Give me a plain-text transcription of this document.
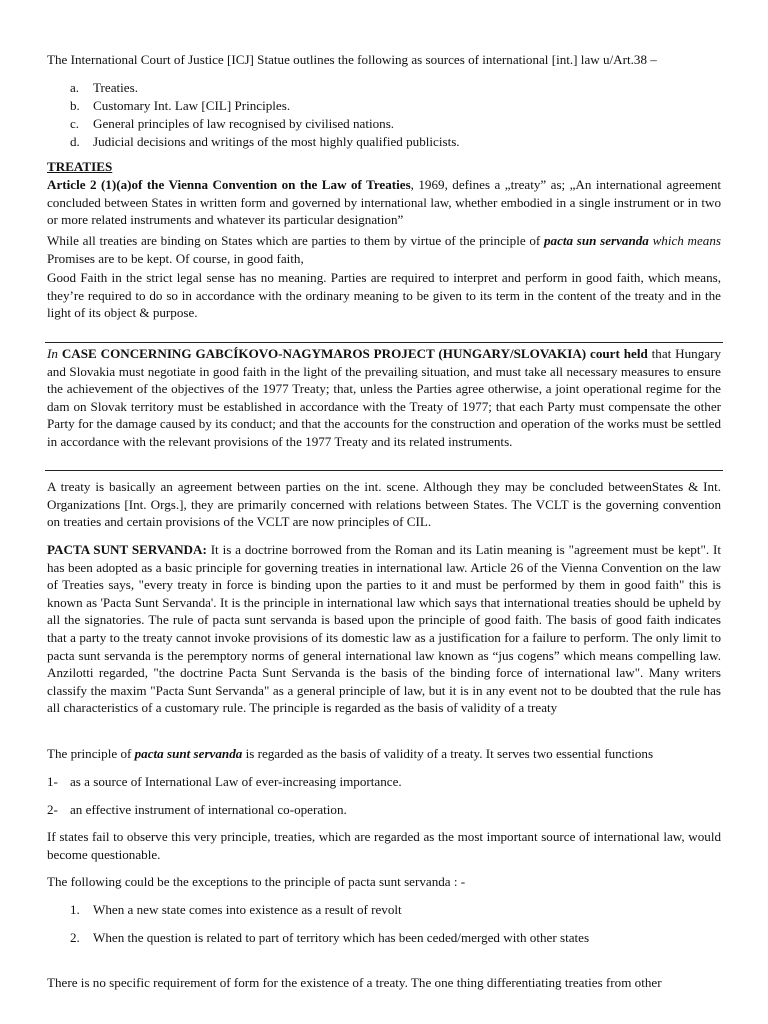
The International Court of Justice [ICJ] Statue outlines the following as sources of international [int.] law u/Art.38 –

a. Treaties.
b. Customary Int. Law [CIL] Principles.
c. General principles of law recognised by civilised nations.
d. Judicial decisions and writings of the most highly qualified publicists.
TREATIES

Article 2 (1)(a)of the Vienna Convention on the Law of Treaties, 1969, defines a „treaty” as; „An international agreement concluded between States in written form and governed by international law, whether embodied in a single instrument or in two or more related instruments and whatever its particular designation”

While all treaties are binding on States which are parties to them by virtue of the principle of pacta sun servanda which means Promises are to be kept. Of course, in good faith,

Good Faith in the strict legal sense has no meaning. Parties are required to interpret and perform in good faith, which means, they’re required to do so in accordance with the ordinary meaning to be given to its term in the content of the treaty and in the light of its object & purpose.

In CASE CONCERNING GABCÍKOVO-NAGYMAROS PROJECT (HUNGARY/SLOVAKIA) court held that Hungary and Slovakia must negotiate in good faith in the light of the prevailing situation, and must take all necessary measures to ensure the achievement of the objectives of the 1977 Treaty; that, unless the Parties agree otherwise, a joint operational regime for the dam on Slovak territory must be established in accordance with the Treaty of 1977; that each Party must compensate the other Party for the damage caused by its conduct; and that the accounts for the construction and operation of the works must be settled in accordance with the relevant provisions of the 1977 Treaty and its related instruments.

A treaty is basically an agreement between parties on the int. scene. Although they may be concluded betweenStates & Int. Organizations [Int. Orgs.], they are primarily concerned with relations between States. The VCLT is the governing convention on treaties and certain provisions of the VCLT are now principles of CIL.

PACTA SUNT SERVANDA: It is a doctrine borrowed from the Roman and its Latin meaning is "agreement must be kept". It has been adopted as a basic principle for governing treaties in international law. Article 26 of the Vienna Convention on the law of Treaties says, "every treaty in force is binding upon the parties to it and must be performed by them in good faith" this is known as 'Pacta Sunt Servanda'. It is the principle in international law which says that international treaties should be upheld by all the signatories. The rule of pacta sunt servanda is based upon the principle of good faith. The basis of good faith indicates that a party to the treaty cannot invoke provisions of its domestic law as a justification for a failure to perform. The only limit to pacta sunt servanda is the peremptory norms of general international law known as “jus cogens” which means compelling law. Anzilotti regarded, "the doctrine Pacta Sunt Servanda is the basis of the binding force of international law". Many writers classify the maxim "Pacta Sunt Servanda" as a general principle of law, but it is in any event not to be doubted that the rule has all characteristics of a customary rule. The principle is regarded as the basis of validity of a treaty

The principle of pacta sunt servanda is regarded as the basis of validity of a treaty. It serves two essential functions

1- as a source of International Law of ever-increasing importance.
2- an effective instrument of international co-operation.

If states fail to observe this very principle, treaties, which are regarded as the most important source of international law, would become questionable.

The following could be the exceptions to the principle of pacta sunt servanda : -

1. When a new state comes into existence as a result of revolt
2. When the question is related to part of territory which has been ceded/merged with other states

There is no specific requirement of form for the existence of a treaty. The one thing differentiating treaties from other
